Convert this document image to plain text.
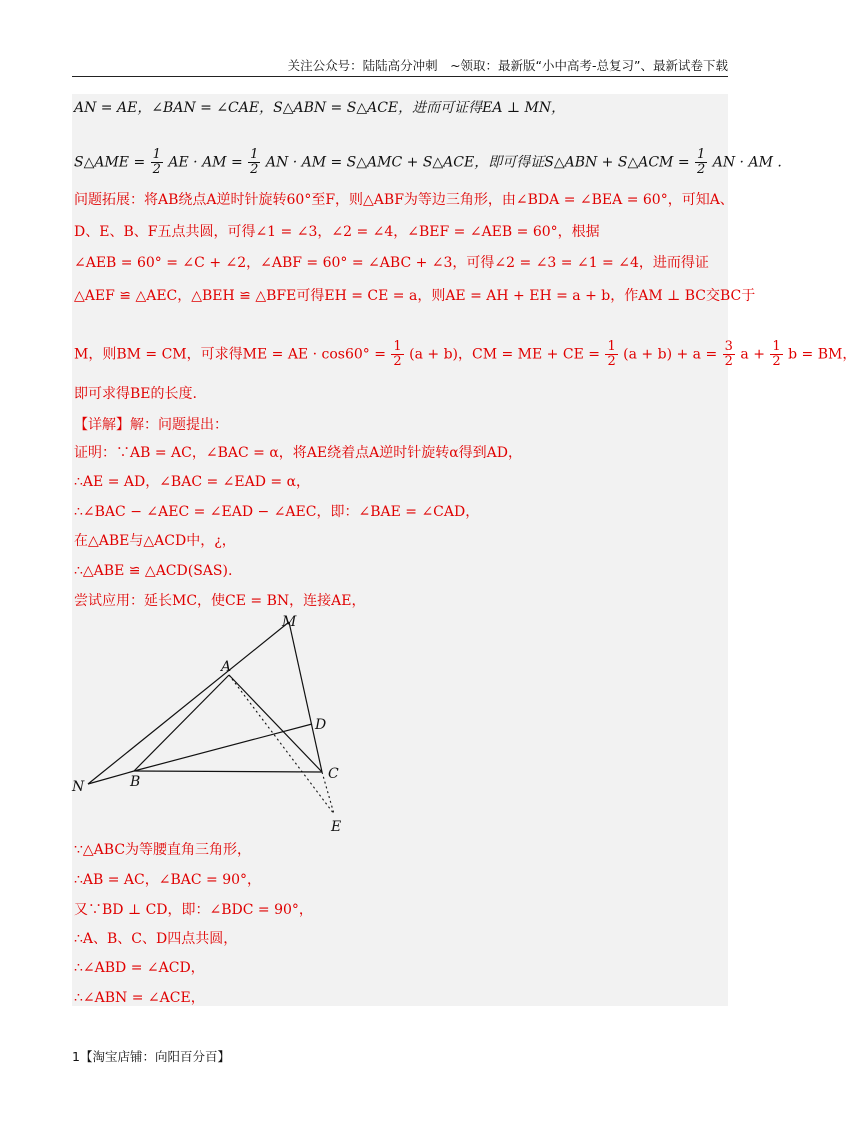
关注公众号：陆陆高分冲刺　~领取：最新版“小中高考-总复习”、最新试卷下载
AN = AE，∠BAN = ∠CAE，S△ABN = S△ACE，进而可证得EA ⊥ MN，
S△AME = $\frac{1}{2}$ AE · AM = $\frac{1}{2}$ AN · AM = S△AMC + S△ACE，即可得证S△ABN + S△ACM = $\frac{1}{2}$ AN · AM .
问题拓展：将AB绕点A逆时针旋转60°至F，则△ABF为等边三角形，由∠BDA = ∠BEA = 60°，可知A、
D、E、B、F五点共圆，可得∠1 = ∠3，∠2 = ∠4，∠BEF = ∠AEB = 60°，根据
∠AEB = 60° = ∠C + ∠2，∠ABF = 60° = ∠ABC + ∠3，可得∠2 = ∠3 = ∠1 = ∠4，进而得证
△AEF ≌ △AEC，△BEH ≌ △BFE可得EH = CE = a，则AE = AH + EH = a + b，作AM ⊥ BC交BC于
M，则BM = CM，可求得ME = AE · $\cos 60^\circ = \frac{1}{2} (a + b)$，CM = ME + CE = $\frac{1}{2} (a + b) + a = \frac{3}{2}$ $a + \frac{1}{2}$ b = BM，
即可求得BE的长度.
【详解】解：问题提出：
证明：∵AB = AC，∠BAC = α，将AE绕着点A逆时针旋转α得到AD，
∴AE = AD，∠BAC = ∠EAD = α，
∴∠BAC − ∠AEC = ∠EAD − ∠AEC，即：∠BAE = ∠CAD，
在△ABE与△ACD中，¿，
∴△ABE ≌ △ACD(SAS).
尝试应用：延长MC，使CE = BN，连接AE，
M
A
D
N	B	C
E
∵△ABC为等腰直角三角形，
∴AB = AC，∠BAC = 90°，
又∵BD ⊥ CD，即：∠BDC = 90°，
∴A、B、C、D四点共圆，
∴∠ABD = ∠ACD，
∴∠ABN = ∠ACE，
1【淘宝店铺：向阳百分百】
